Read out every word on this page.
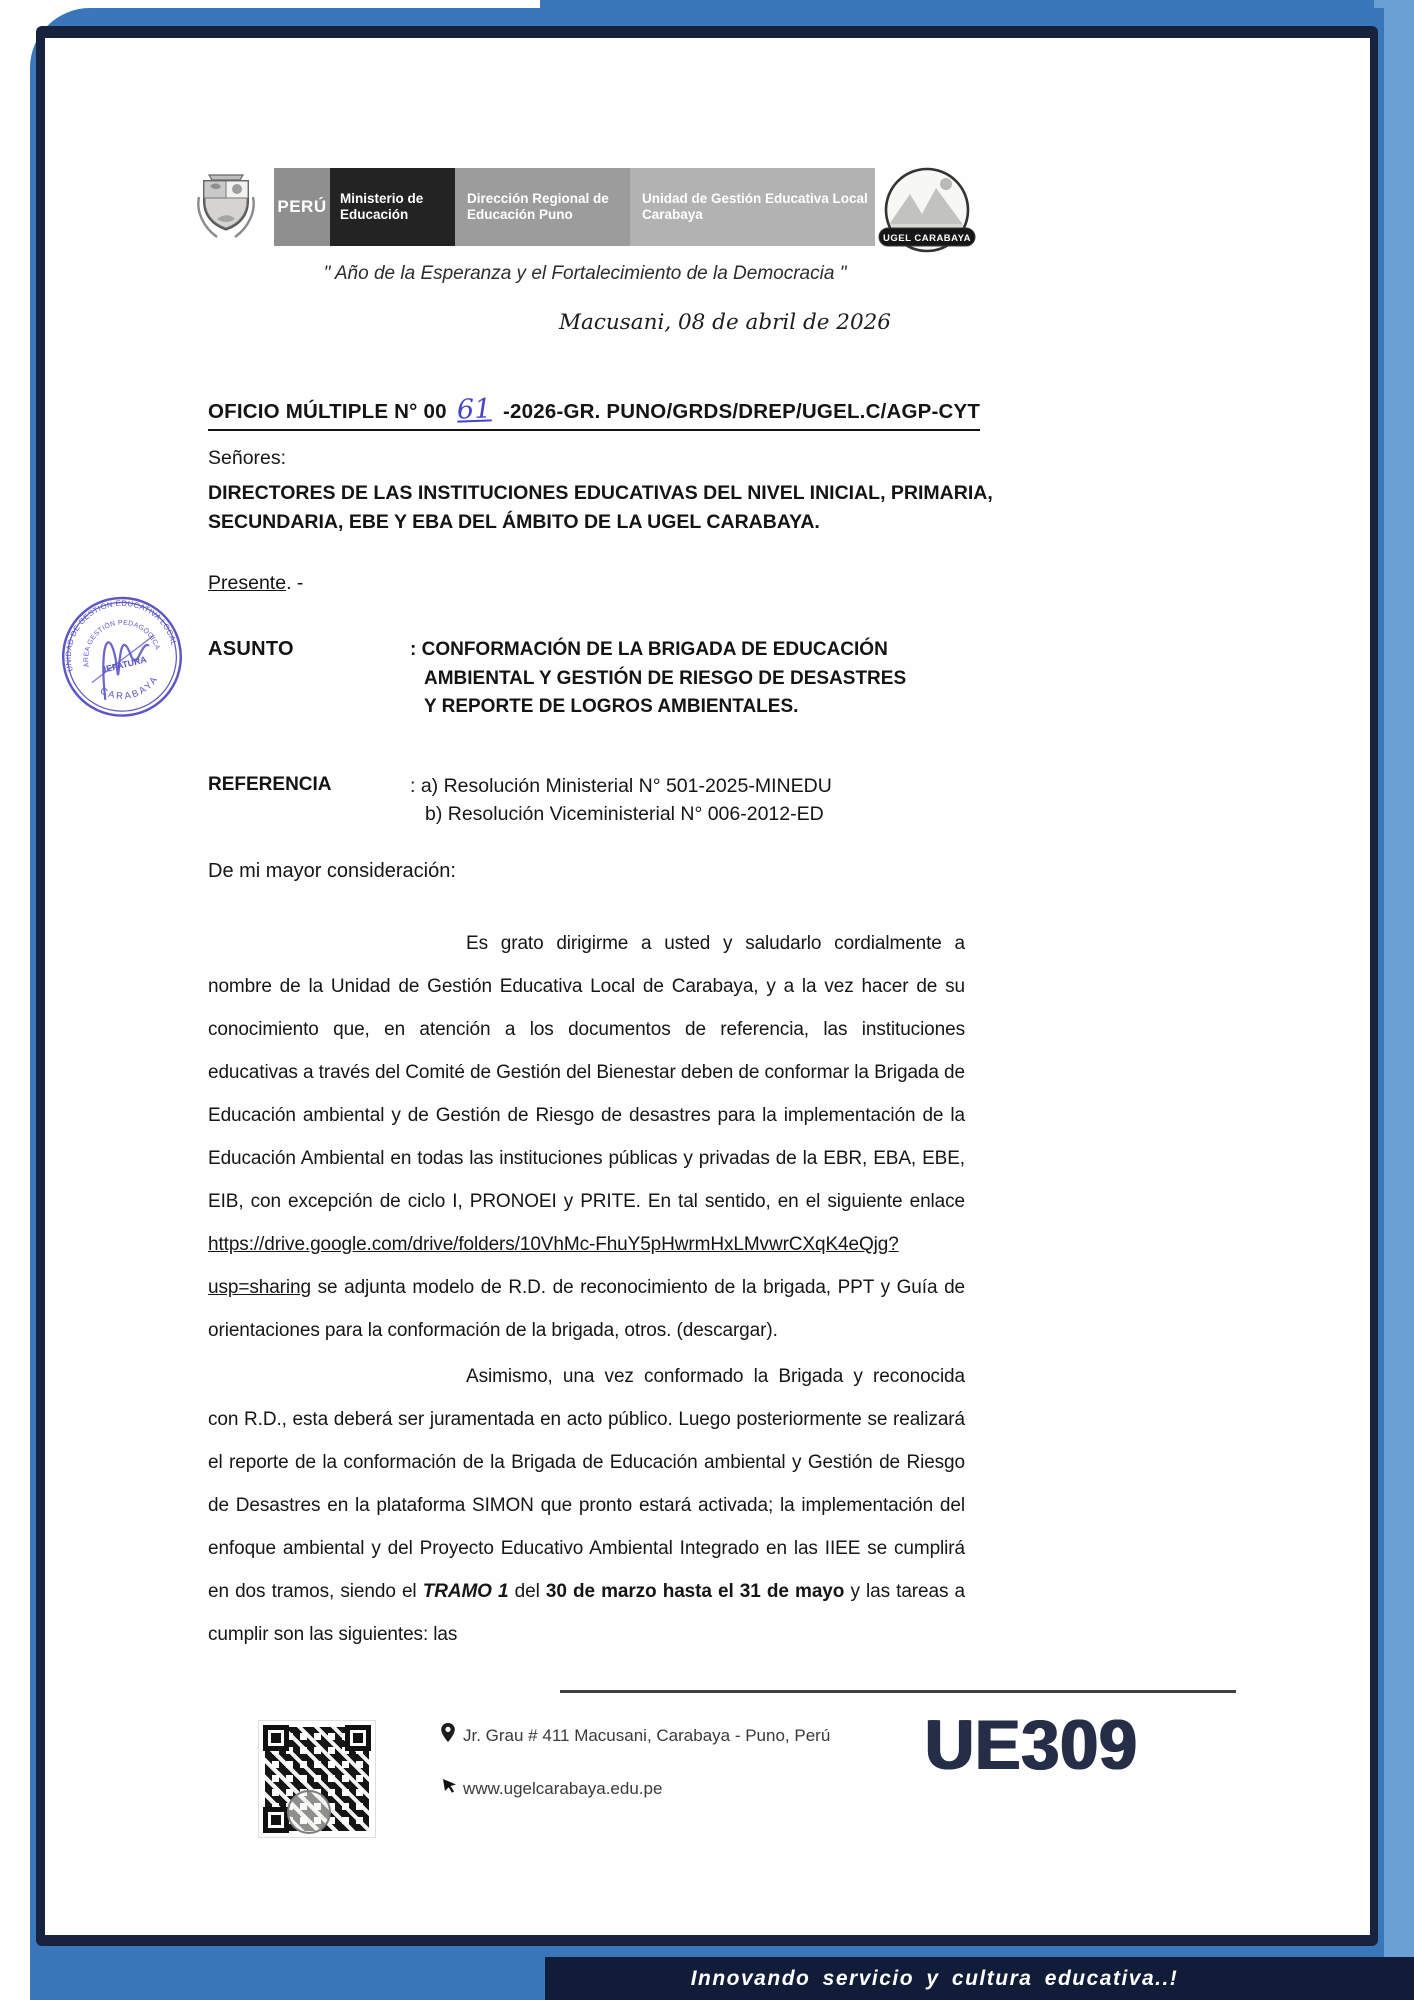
PERÚ Ministerio de Educación
Dirección Regional de Educación Puno
Unidad de Gestión Educativa Local Carabaya
UGEL CARABAYA
" Año de la Esperanza y el Fortalecimiento de la Democracia "
Macusani, 08 de abril de 2026
OFICIO MÚLTIPLE N° 00 61 -2026-GR. PUNO/GRDS/DREP/UGEL.C/AGP-CYT
Señores:
DIRECTORES DE LAS INSTITUCIONES EDUCATIVAS DEL NIVEL INICIAL, PRIMARIA,
SECUNDARIA, EBE Y EBA DEL ÁMBITO DE LA UGEL CARABAYA.
Presente. -
ASUNTO	: CONFORMACIÓN DE LA BRIGADA DE EDUCACIÓN
AMBIENTAL Y GESTIÓN DE RIESGO DE DESASTRES
Y REPORTE DE LOGROS AMBIENTALES.
REFERENCIA	: a) Resolución Ministerial N° 501-2025-MINEDU
b) Resolución Viceministerial N° 006-2012-ED
UNIDAD DE GESTIÓN EDUCATIVA LOCAL
CARABAYA
ÁREA GESTIÓN PEDAGÓGICA
JEFATURA
De mi mayor consideración:
Es grato dirigirme a usted y saludarlo cordialmente a nombre de la Unidad de Gestión Educativa Local de Carabaya, y a la vez hacer de su conocimiento que, en atención a los documentos de referencia, las instituciones educativas a través del Comité de Gestión del Bienestar deben de conformar la Brigada de Educación ambiental y de Gestión de Riesgo de desastres para la implementación de la Educación Ambiental en todas las instituciones públicas y privadas de la EBR, EBA, EBE, EIB, con excepción de ciclo I, PRONOEI y PRITE. En tal sentido, en el siguiente enlace https://drive.google.com/drive/folders/10VhMc-FhuY5pHwrmHxLMvwrCXqK4eQjg?usp=sharing se adjunta modelo de R.D. de reconocimiento de la brigada, PPT y Guía de orientaciones para la conformación de la brigada, otros. (descargar).
Asimismo, una vez conformado la Brigada y reconocida con R.D., esta deberá ser juramentada en acto público. Luego posteriormente se realizará el reporte de la conformación de la Brigada de Educación ambiental y Gestión de Riesgo de Desastres en la plataforma SIMON que pronto estará activada; la implementación del enfoque ambiental y del Proyecto Educativo Ambiental Integrado en las IIEE se cumplirá en dos tramos, siendo el TRAMO 1 del 30 de marzo hasta el 31 de mayo y las tareas a cumplir son las siguientes: las
Jr. Grau # 411 Macusani, Carabaya - Puno, Perú
www.ugelcarabaya.edu.pe
UE309
Innovando servicio y cultura educativa..!
